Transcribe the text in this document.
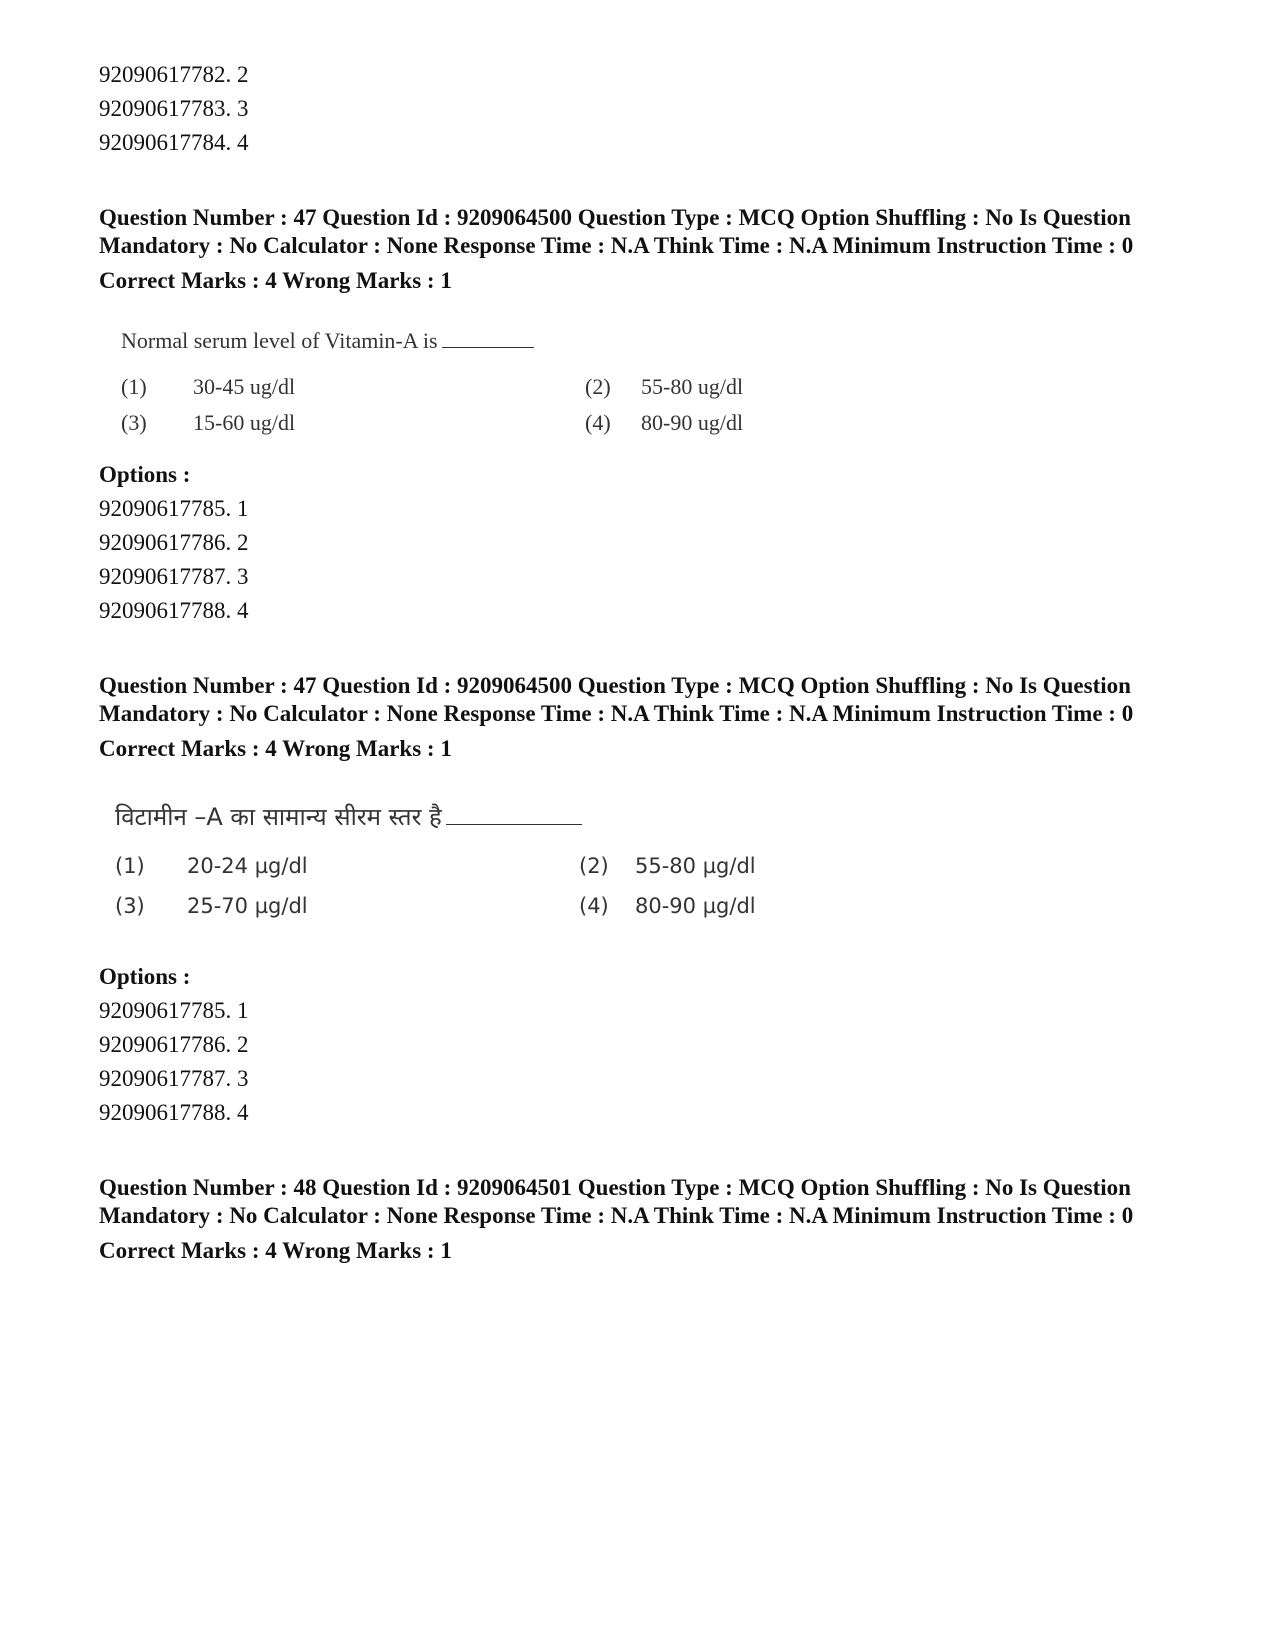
92090617782. 2
92090617783. 3
92090617784. 4
Question Number : 47 Question Id : 9209064500 Question Type : MCQ Option Shuffling : No Is Question Mandatory : No Calculator : None Response Time : N.A Think Time : N.A Minimum Instruction Time : 0
Correct Marks : 4 Wrong Marks : 1
Normal serum level of Vitamin-A is
(1) 30-45 ug/dl	(2) 55-80 ug/dl
(3) 15-60 ug/dl	(4) 80-90 ug/dl
Options :
92090617785. 1
92090617786. 2
92090617787. 3
92090617788. 4
Question Number : 47 Question Id : 9209064500 Question Type : MCQ Option Shuffling : No Is Question Mandatory : No Calculator : None Response Time : N.A Think Time : N.A Minimum Instruction Time : 0
Correct Marks : 4 Wrong Marks : 1
विटामीन –A का सामान्य सीरम स्तर है
(1) 20-24 µg/dl	(2) 55-80 µg/dl
(3) 25-70 µg/dl	(4) 80-90 µg/dl
Options :
92090617785. 1
92090617786. 2
92090617787. 3
92090617788. 4
Question Number : 48 Question Id : 9209064501 Question Type : MCQ Option Shuffling : No Is Question Mandatory : No Calculator : None Response Time : N.A Think Time : N.A Minimum Instruction Time : 0
Correct Marks : 4 Wrong Marks : 1
